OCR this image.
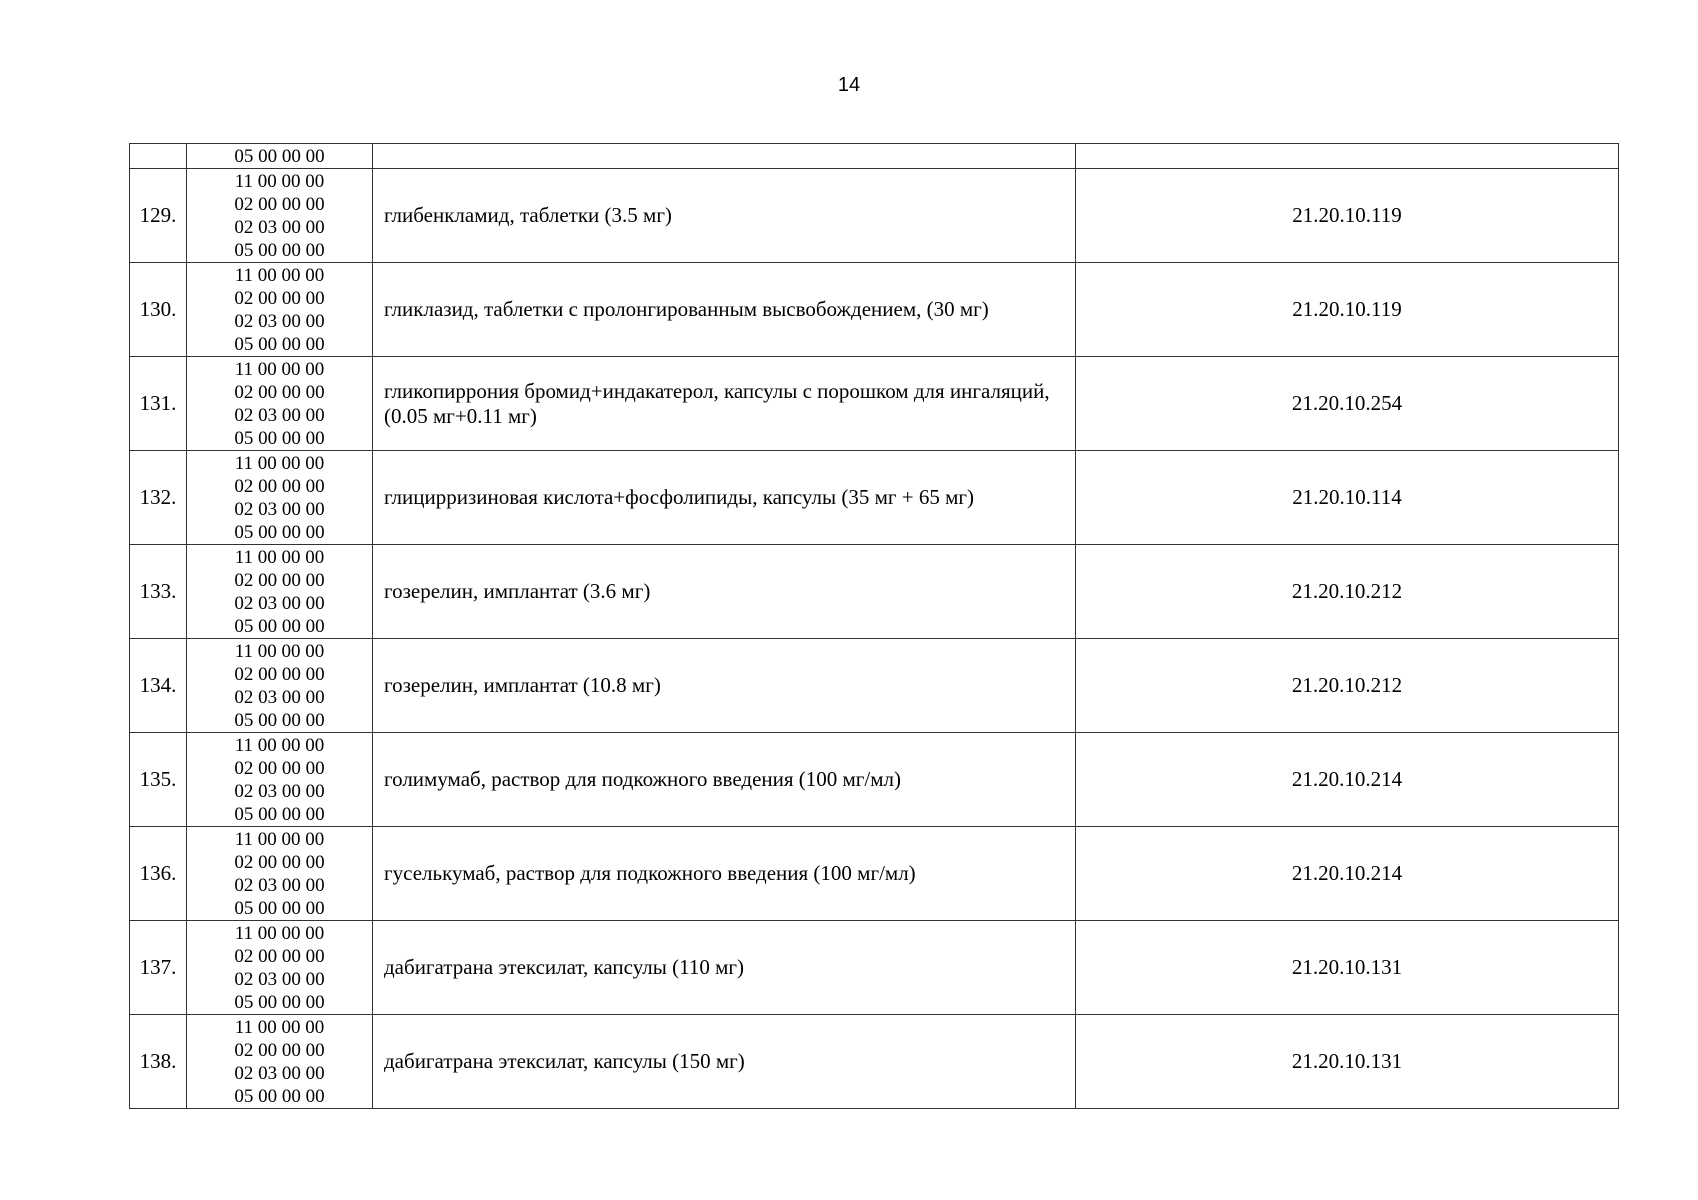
14

	05 00 00 00		

129.	11 00 00 00
02 00 00 00
02 03 00 00
05 00 00 00	глибенкламид, таблетки (3.5 мг)	21.20.10.119
130.	11 00 00 00
02 00 00 00
02 03 00 00
05 00 00 00	гликлазид, таблетки с пролонгированным высвобождением, (30 мг)	21.20.10.119
131.	11 00 00 00
02 00 00 00
02 03 00 00
05 00 00 00	гликопиррония бромид+индакатерол, капсулы с порошком для ингаляций, (0.05 мг+0.11 мг)	21.20.10.254
132.	11 00 00 00
02 00 00 00
02 03 00 00
05 00 00 00	глицирризиновая кислота+фосфолипиды, капсулы (35 мг + 65 мг)	21.20.10.114
133.	11 00 00 00
02 00 00 00
02 03 00 00
05 00 00 00	гозерелин, имплантат (3.6 мг)	21.20.10.212
134.	11 00 00 00
02 00 00 00
02 03 00 00
05 00 00 00	гозерелин, имплантат (10.8 мг)	21.20.10.212
135.	11 00 00 00
02 00 00 00
02 03 00 00
05 00 00 00	голимумаб, раствор для подкожного введения (100 мг/мл)	21.20.10.214
136.	11 00 00 00
02 00 00 00
02 03 00 00
05 00 00 00	гуселькумаб, раствор для подкожного введения (100 мг/мл)	21.20.10.214
137.	11 00 00 00
02 00 00 00
02 03 00 00
05 00 00 00	дабигатрана этексилат, капсулы (110 мг)	21.20.10.131
138.	11 00 00 00
02 00 00 00
02 03 00 00
05 00 00 00	дабигатрана этексилат, капсулы (150 мг)	21.20.10.131
